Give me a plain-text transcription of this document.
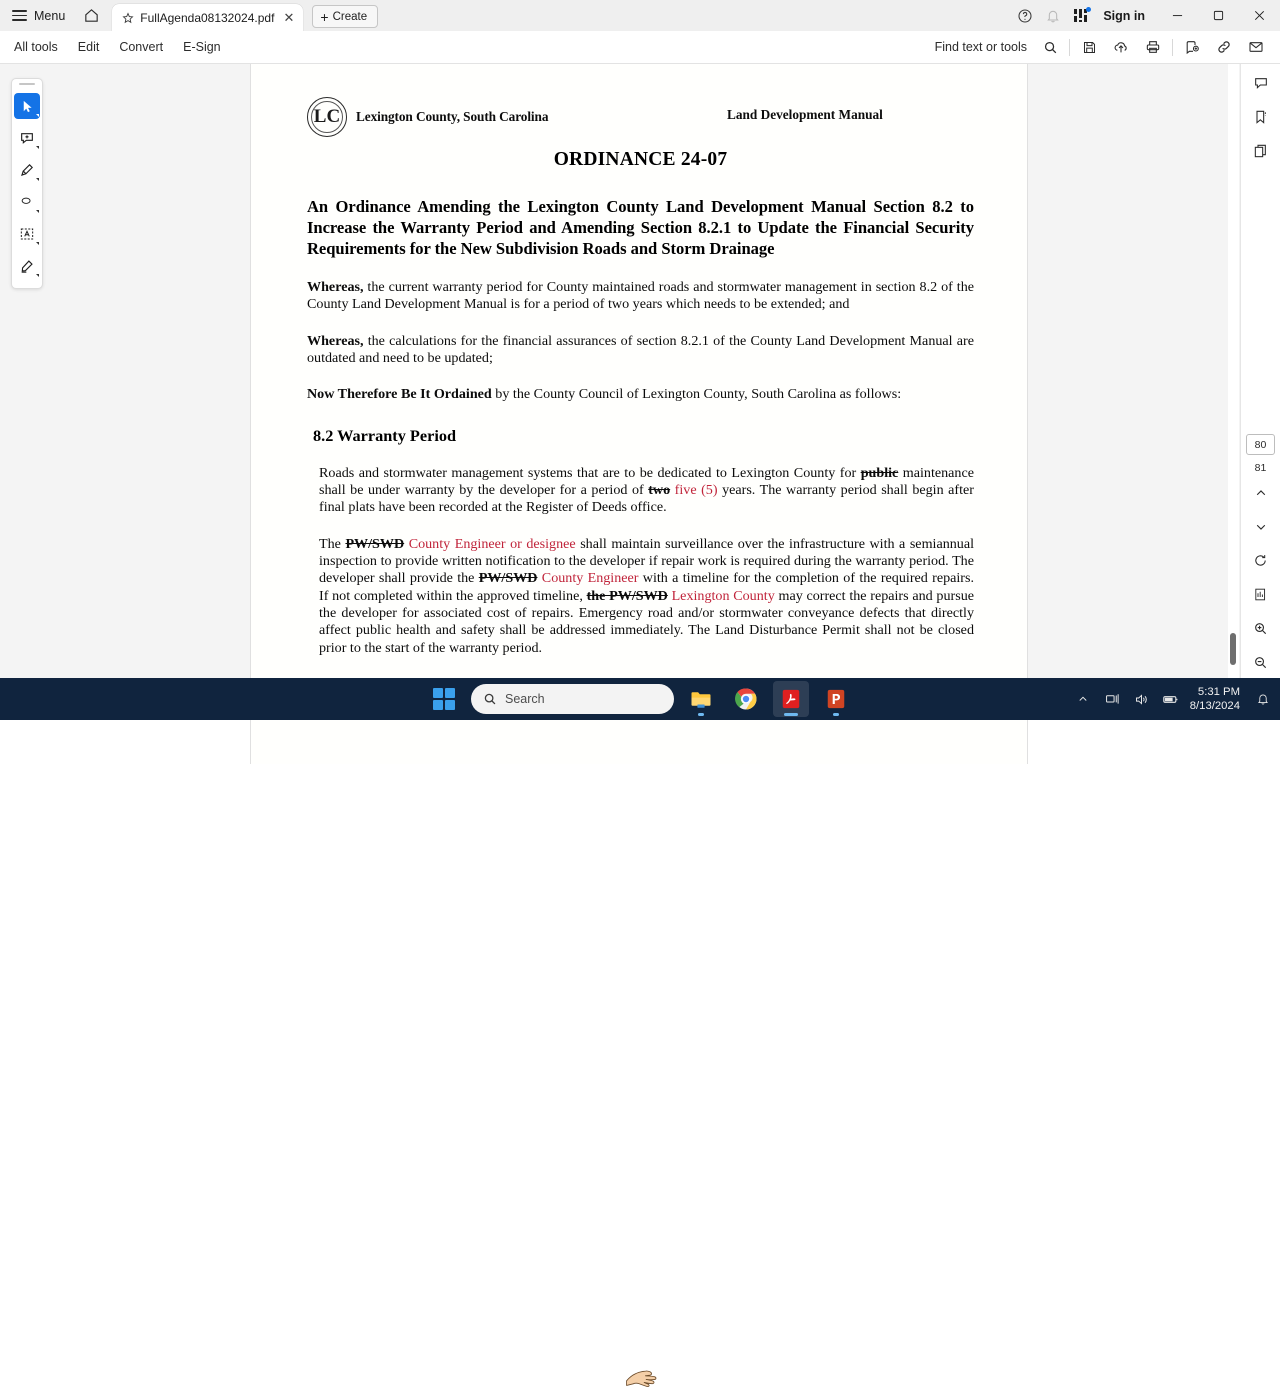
Menu	FullAgenda08132024.pdf ✕ + Create	Sign in
All tools Edit Convert E-Sign	Find text or tools
LC	Lexington County, South Carolina	Land Development Manual
ORDINANCE 24-07
An Ordinance Amending the Lexington County Land Development Manual Section 8.2 to Increase the Warranty Period and Amending Section 8.2.1 to Update the Financial Security Requirements for the New Subdivision Roads and Storm Drainage

Whereas, the current warranty period for County maintained roads and stormwater management in section 8.2 of the County Land Development Manual is for a period of two years which needs to be extended; and

Whereas, the calculations for the financial assurances of section 8.2.1 of the County Land Development Manual are outdated and need to be updated;

Now Therefore Be It Ordained by the County Council of Lexington County, South Carolina as follows:

8.2 Warranty Period

Roads and stormwater management systems that are to be dedicated to Lexington County for public maintenance shall be under warranty by the developer for a period of two five (5) years. The warranty period shall begin after final plats have been recorded at the Register of Deeds office.

The PW/SWD County Engineer or designee shall maintain surveillance over the infrastructure with a semiannual inspection to provide written notification to the developer if repair work is required during the warranty period. The developer shall provide the PW/SWD County Engineer with a timeline for the completion of the required repairs. If not completed within the approved timeline, the PW/SWD Lexington County may correct the repairs and pursue the developer for associated cost of repairs. Emergency road and/or stormwater conveyance defects that directly affect public health and safety shall be addressed immediately. The Land Disturbance Permit shall not be closed prior to the start of the warranty period.

80
81
Search
5:31 PM
8/13/2024
